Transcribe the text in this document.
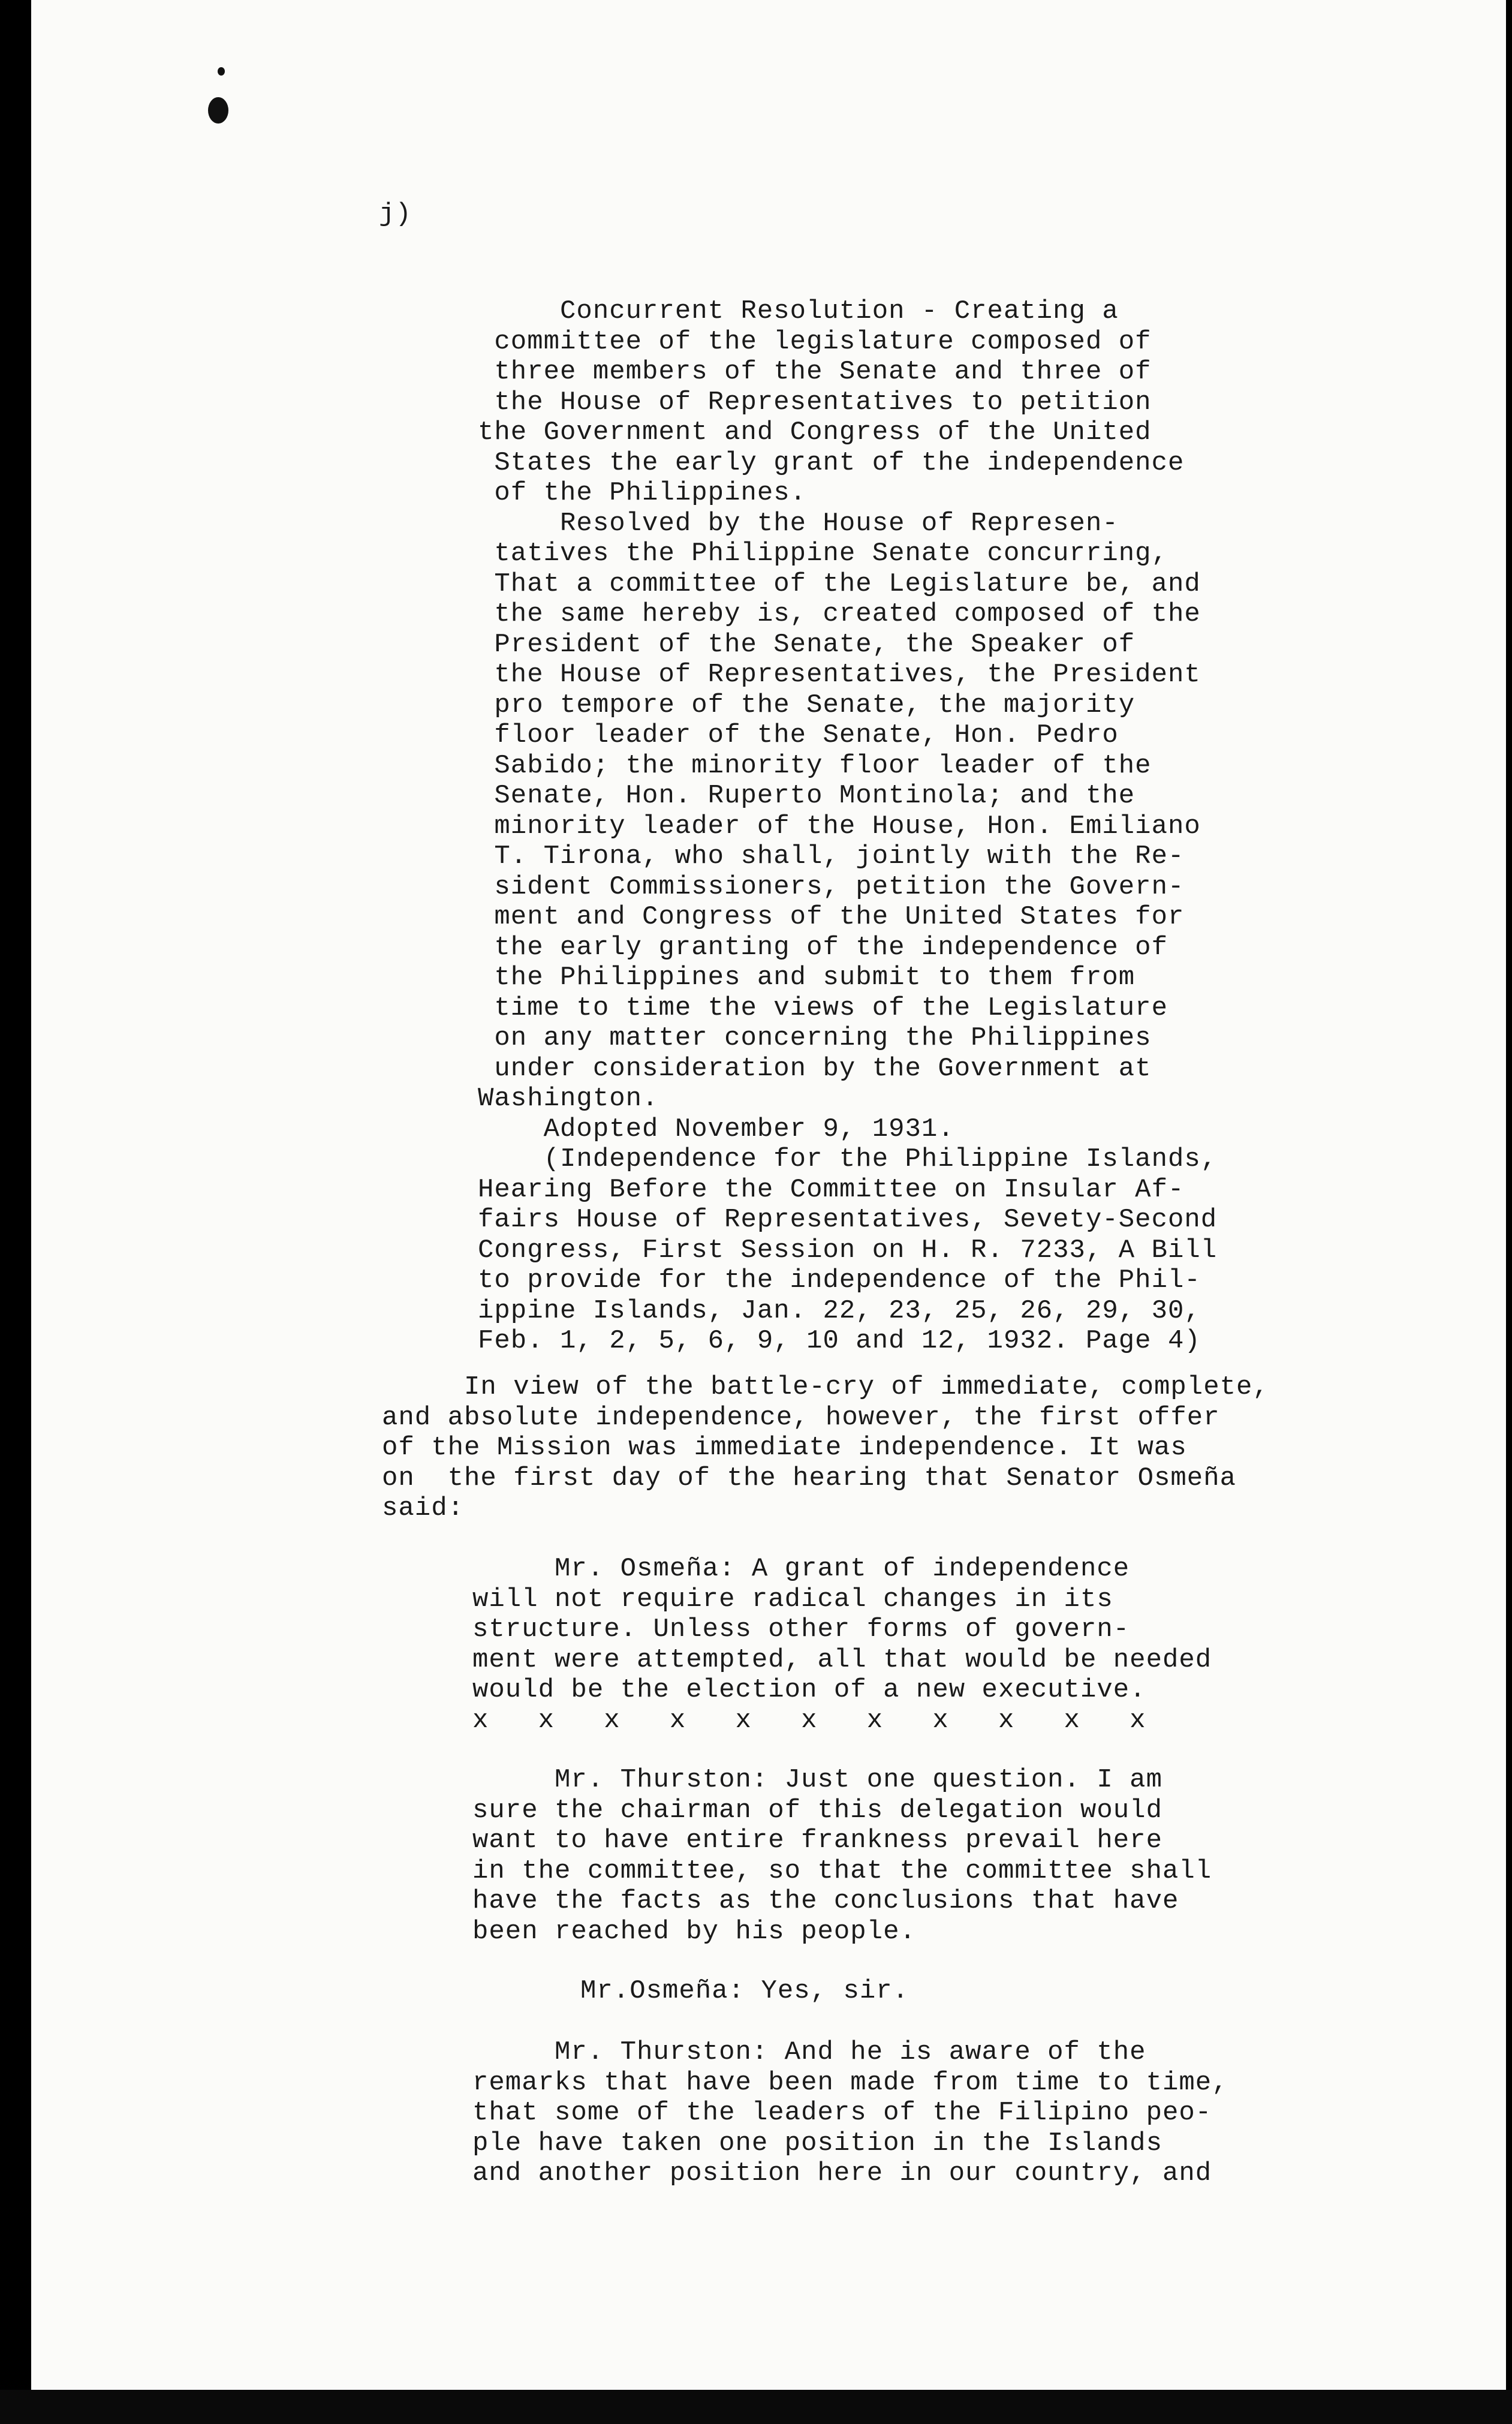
j)
Concurrent Resolution - Creating a
committee of the legislature composed of
three members of the Senate and three of
the House of Representatives to petition
the Government and Congress of the United
States the early grant of the independence
of the Philippines.
Resolved by the House of Represen-
tatives the Philippine Senate concurring,
That a committee of the Legislature be, and
the same hereby is, created composed of the
President of the Senate, the Speaker of
the House of Representatives, the President
pro tempore of the Senate, the majority
floor leader of the Senate, Hon. Pedro
Sabido; the minority floor leader of the
Senate, Hon. Ruperto Montinola; and the
minority leader of the House, Hon. Emiliano
T. Tirona, who shall, jointly with the Re-
sident Commissioners, petition the Govern-
ment and Congress of the United States for
the early granting of the independence of
the Philippines and submit to them from
time to time the views of the Legislature
on any matter concerning the Philippines
under consideration by the Government at
Washington.
Adopted November 9, 1931.
(Independence for the Philippine Islands,
Hearing Before the Committee on Insular Af-
fairs House of Representatives, Sevety-Second
Congress, First Session on H. R. 7233, A Bill
to provide for the independence of the Phil-
ippine Islands, Jan. 22, 23, 25, 26, 29, 30,
Feb. 1, 2, 5, 6, 9, 10 and 12, 1932. Page 4)
In view of the battle-cry of immediate, complete,
and absolute independence, however, the first offer
of the Mission was immediate independence. It was
on  the first day of the hearing that Senator Osmeña
said:
Mr. Osmeña: A grant of independence
will not require radical changes in its
structure. Unless other forms of govern-
ment were attempted, all that would be needed
would be the election of a new executive.
x   x   x   x   x   x   x   x   x   x   x
Mr. Thurston: Just one question. I am
sure the chairman of this delegation would
want to have entire frankness prevail here
in the committee, so that the committee shall
have the facts as the conclusions that have
been reached by his people.
Mr.Osmeña: Yes, sir.
Mr. Thurston: And he is aware of the
remarks that have been made from time to time,
that some of the leaders of the Filipino peo-
ple have taken one position in the Islands
and another position here in our country, and
